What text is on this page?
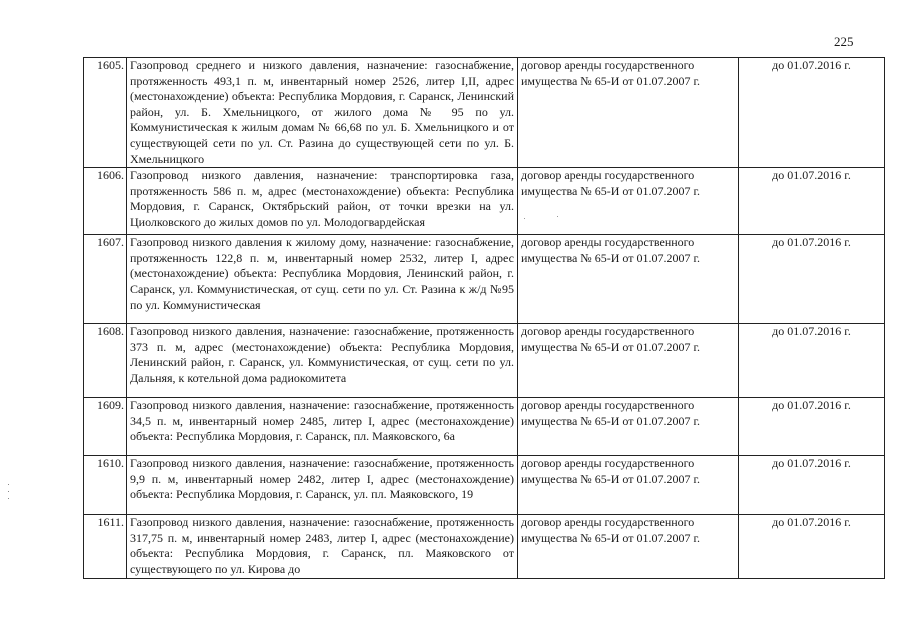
225
1605.	Газопровод среднего и низкого давления, назначение: газоснабжение, протяженность 493,1 п. м, инвентарный номер 2526, литер I,II, адрес (местонахождение) объекта: Республика Мордовия, г. Саранск, Ленинский район, ул. Б. Хмельницкого, от жилого дома № 95 по ул. Коммунистическая к жилым домам № 66,68 по ул. Б. Хмельницкого и от существующей сети по ул. Ст. Разина до существующей сети по ул. Б. Хмельницкого	договор аренды государственного имущества № 65-И от 01.07.2007 г.	до 01.07.2016 г.
1606.	Газопровод низкого давления, назначение: транспортировка газа, протяженность 586 п. м, адрес (местонахождение) объекта: Республика Мордовия, г. Саранск, Октябрьский район, от точки врезки на ул. Циолковского до жилых домов по ул. Молодогвардейская	договор аренды государственного имущества № 65-И от 01.07.2007 г.	до 01.07.2016 г.
1607.	Газопровод низкого давления к жилому дому, назначение: газоснабжение, протяженность 122,8 п. м, инвентарный номер 2532, литер I, адрес (местонахождение) объекта: Республика Мордовия, Ленинский район, г. Саранск, ул. Коммунистическая, от сущ. сети по ул. Ст. Разина к ж/д №95 по ул. Коммунистическая	договор аренды государственного имущества № 65-И от 01.07.2007 г.	до 01.07.2016 г.
1608.	Газопровод низкого давления, назначение: газоснабжение, протяженность 373 п. м, адрес (местонахождение) объекта: Республика Мордовия, Ленинский район, г. Саранск, ул. Коммунистическая, от сущ. сети по ул. Дальняя, к котельной дома радиокомитета	договор аренды государственного имущества № 65-И от 01.07.2007 г.	до 01.07.2016 г.
1609.	Газопровод низкого давления, назначение: газоснабжение, протяженность 34,5 п. м, инвентарный номер 2485, литер I, адрес (местонахождение) объекта: Республика Мордовия, г. Саранск, пл. Маяковского, 6а	договор аренды государственного имущества № 65-И от 01.07.2007 г.	до 01.07.2016 г.
1610.	Газопровод низкого давления, назначение: газоснабжение, протяженность 9,9 п. м, инвентарный номер 2482, литер I, адрес (местонахождение) объекта: Республика Мордовия, г. Саранск, ул. пл. Маяковского, 19	договор аренды государственного имущества № 65-И от 01.07.2007 г.	до 01.07.2016 г.
1611.	Газопровод низкого давления, назначение: газоснабжение, протяженность 317,75 п. м, инвентарный номер 2483, литер I, адрес (местонахождение) объекта: Республика Мордовия, г. Саранск, пл. Маяковского от существующего по ул. Кирова до	договор аренды государственного имущества № 65-И от 01.07.2007 г.	до 01.07.2016 г.
